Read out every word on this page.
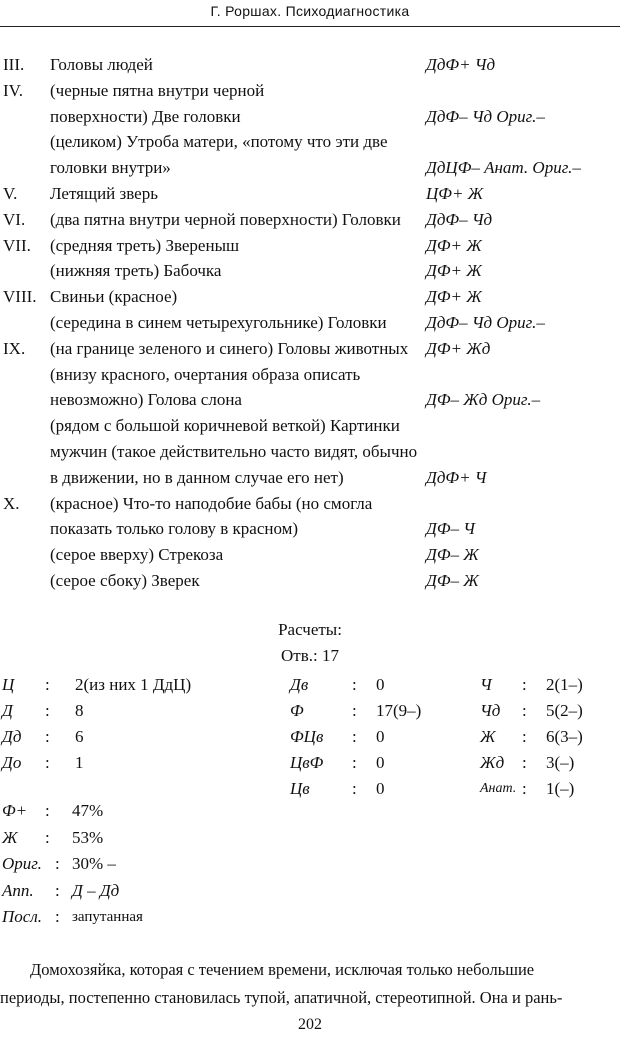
Г. Роршах. Психодиагностика
III. Головы людей	ДдФ+ Чд
IV. (черные пятна внутри черной
поверхности) Две головки	ДдФ– Чд Ориг.–
(целиком) Утроба матери, «потому что эти две
головки внутри»	ДдЦФ– Анат. Ориг.–
V. Летящий зверь	ЦФ+ Ж
VI. (два пятна внутри черной поверхности) Головки ДдФ– Чд
VII. (средняя треть) Звереныш	ДФ+ Ж
(нижняя треть) Бабочка	ДФ+ Ж
VIII. Свиньи (красное)	ДФ+ Ж
(середина в синем четырехугольнике) Головки ДдФ– Чд Ориг.–
IX. (на границе зеленого и синего) Головы животных ДФ+ Жд
(внизу красного, очертания образа описать
невозможно) Голова слона	ДФ– Жд Ориг.–
(рядом с большой коричневой веткой) Картинки
мужчин (такое действительно часто видят, обычно
в движении, но в данном случае его нет)	ДдФ+ Ч
X. (красное) Что-то наподобие бабы (но смогла
показать только голову в красном)	ДФ– Ч
(серое вверху) Стрекоза	ДФ– Ж
(серое сбоку) Зверек	ДФ– Ж
Расчеты:
Отв.: 17
Ц : 2(из них 1 ДдЦ)	Дв	: 0	Ч : 2(1–)
Д : 8	Ф	: 17(9–)	Чд : 5(2–)
Дд : 6	ФЦв : 0	Ж : 6(3–)
До : 1	ЦвФ : 0	Жд : 3(–)
Цв : 0	Анат. : 1(–)
Ф+ : 47%
Ж : 53%
Ориг. : 30% –
Апп. : Д – Дд
Посл. : запутанная
Домохозяйка, которая с течением времени, исключая только небольшие
периоды, постепенно становилась тупой, апатичной, стереотипной. Она и рань-
202
